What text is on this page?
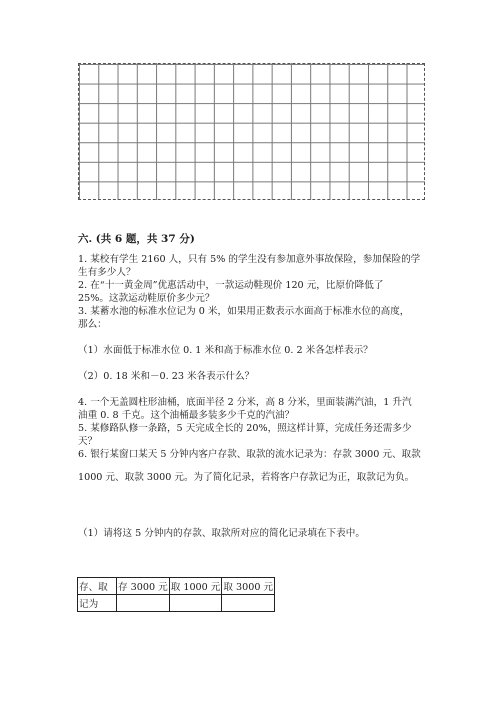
六. (共 6 题，共 37 分)
1. 某校有学生 2160 人，只有 5% 的学生没有参加意外事故保险，参加保险的学
生有多少人？
2. 在“十一黄金周”优惠活动中，一款运动鞋现价 120 元，比原价降低了
25%。这款运动鞋原价多少元？
3. 某蓄水池的标准水位记为 0 米，如果用正数表示水面高于标准水位的高度，
那么：
（1）水面低于标准水位 0. 1 米和高于标准水位 0. 2 米各怎样表示？
（2）0. 18 米和－0. 23 米各表示什么？
4. 一个无盖圆柱形油桶，底面半径 2 分米，高 8 分米，里面装满汽油，1 升汽
油重 0. 8 千克。这个油桶最多装多少千克的汽油？
5. 某修路队修一条路，5 天完成全长的 20%，照这样计算，完成任务还需多少
天？
6. 银行某窗口某天 5 分钟内客户存款、取款的流水记录为：存款 3000 元、取款
1000 元、取款 3000 元。为了简化记录，若将客户存款记为正，取款记为负。
（1）请将这 5 分钟内的存款、取款所对应的简化记录填在下表中。
存、取	存 3000 元	取 1000 元	取 3000 元
记为			
